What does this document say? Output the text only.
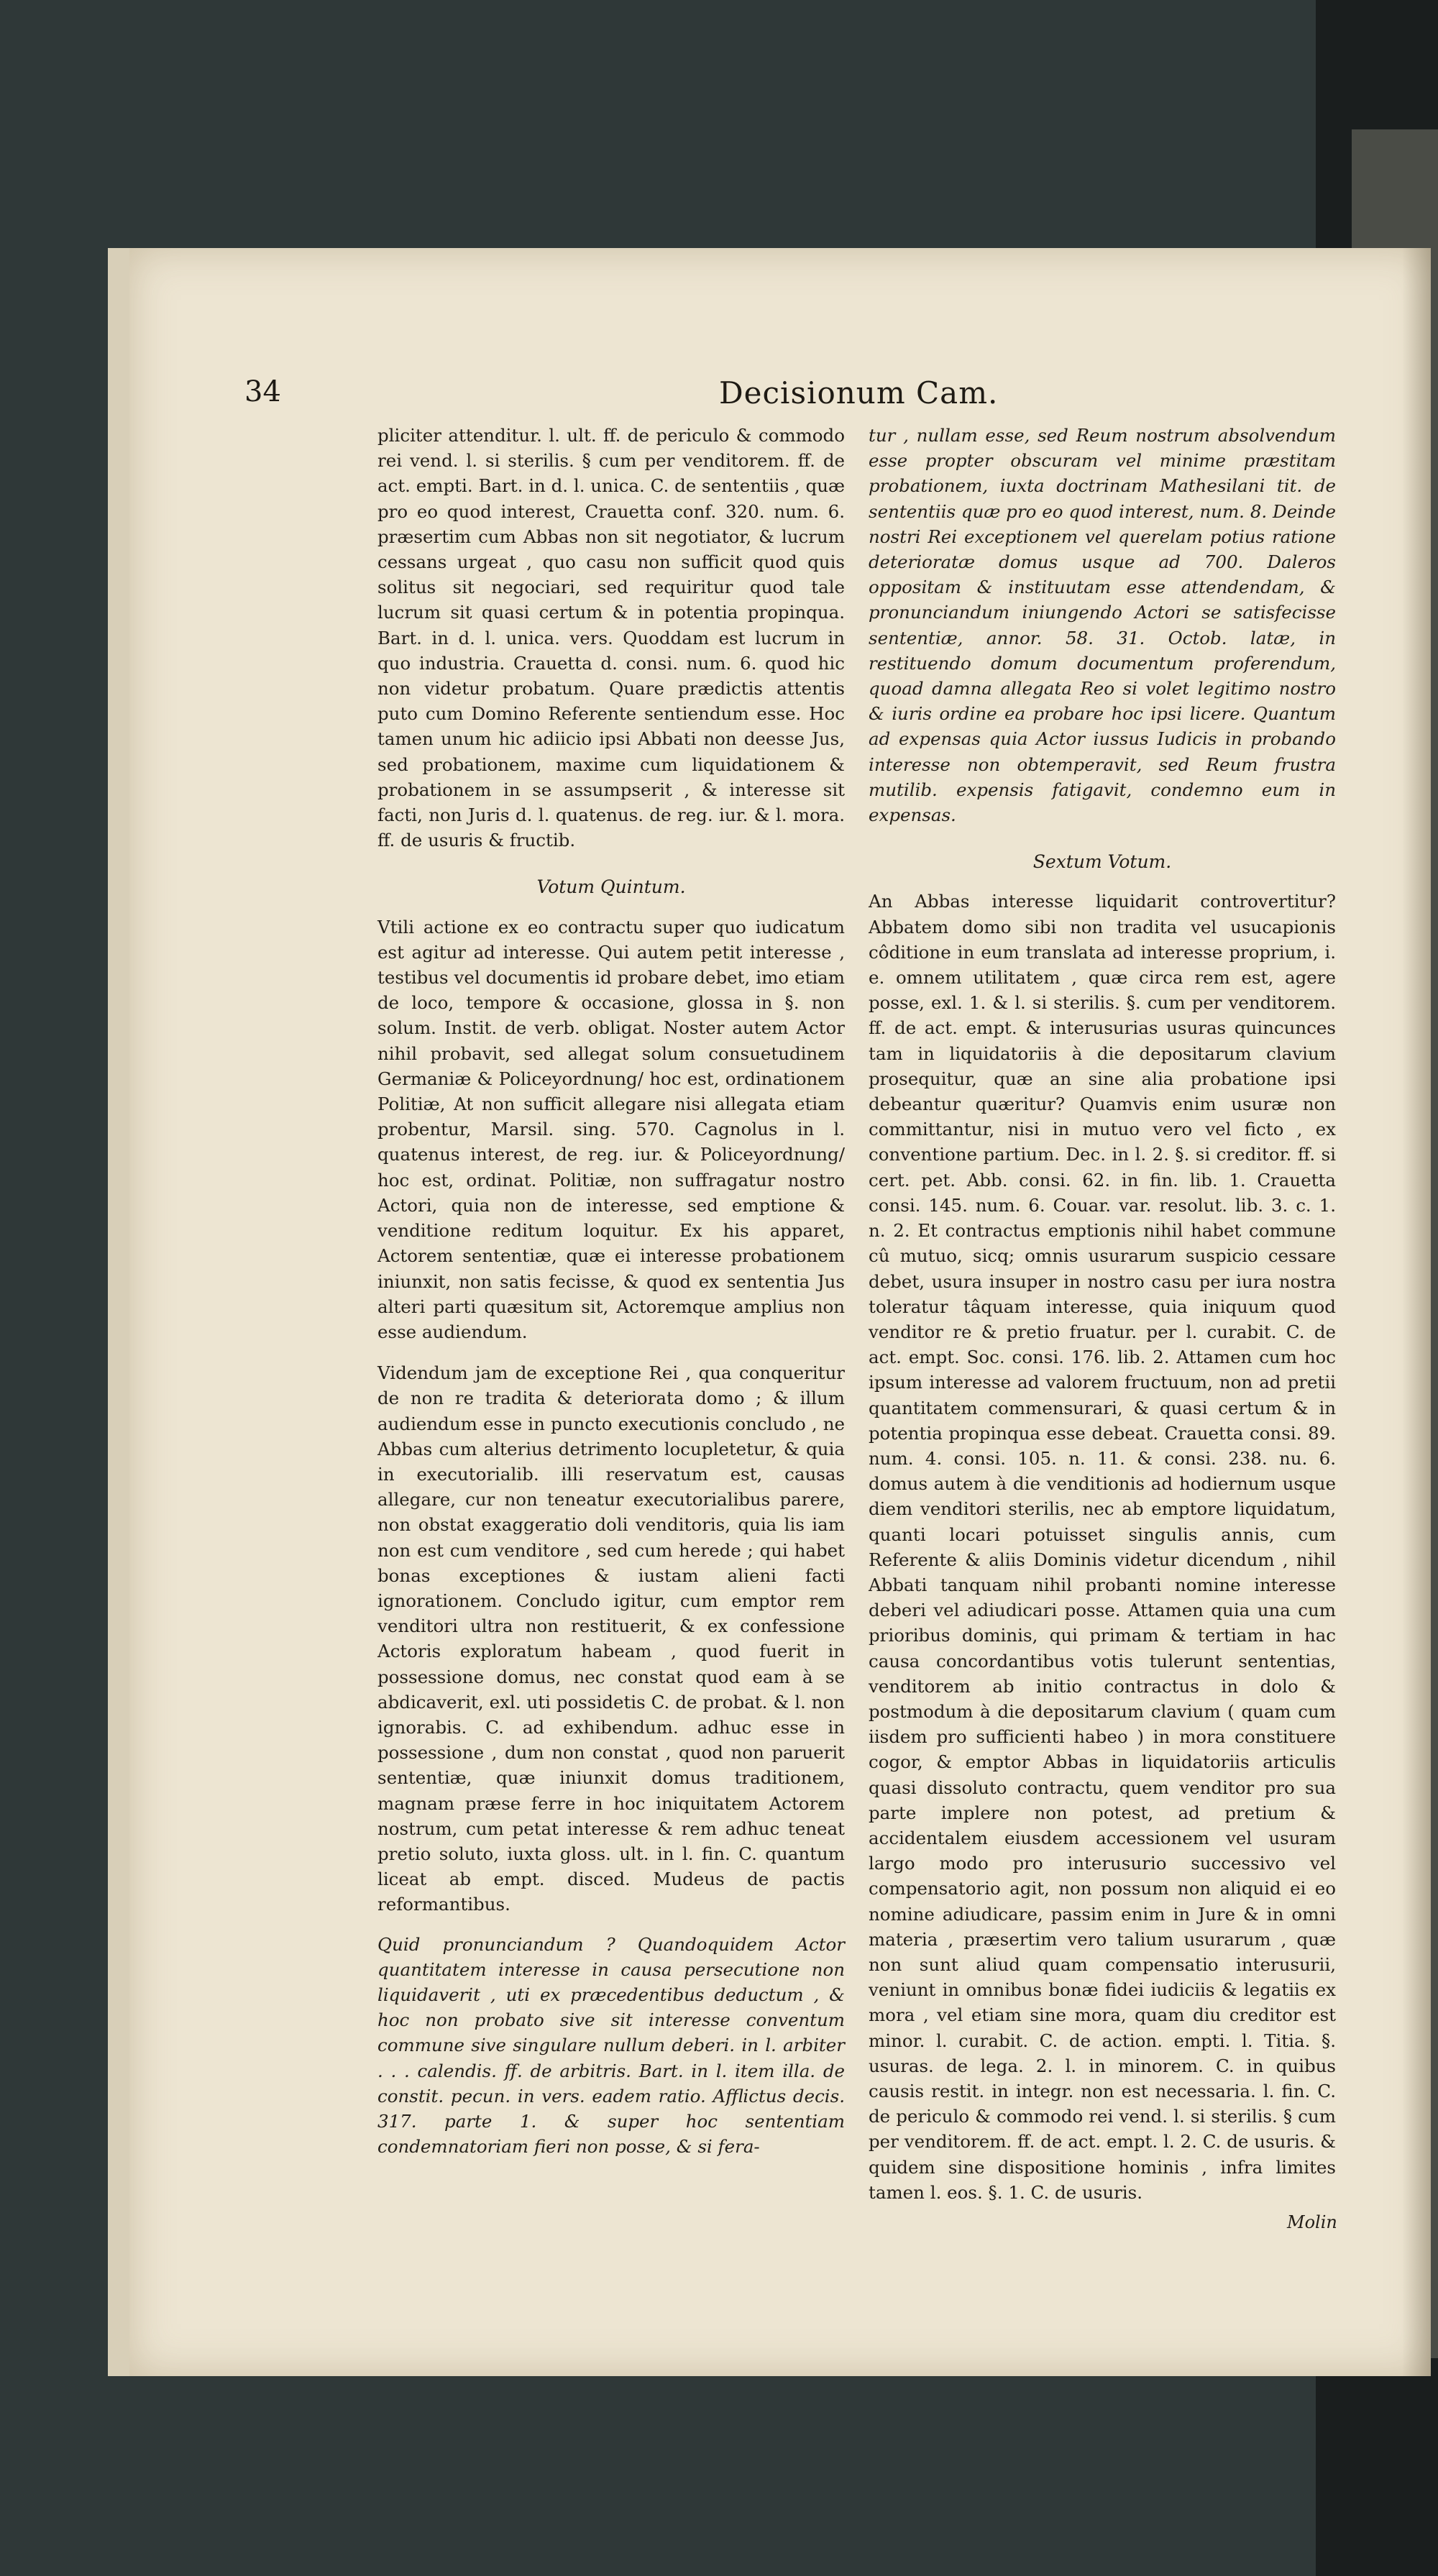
34	Decisionum Cam.

pliciter attenditur. l. ult. ff. de periculo & commodo rei vend. l. si sterilis. § cum per venditorem. ff. de act. empti. Bart. in d. l. unica. C. de sententiis , quæ pro eo quod interest, Crauetta conf. 320. num. 6. præsertim cum Abbas non sit negotiator, & lucrum cessans urgeat , quo casu non sufficit quod quis solitus sit negociari, sed requiritur quod tale lucrum sit quasi certum & in potentia propinqua. Bart. in d. l. unica. vers. Quoddam est lucrum in quo industria. Crauetta d. consi. num. 6. quod hic non videtur probatum. Quare prædictis attentis puto cum Domino Referente sentiendum esse. Hoc tamen unum hic adiicio ipsi Abbati non deesse Jus, sed probationem, maxime cum liquidationem & probationem in se assumpserit , & interesse sit facti, non Juris d. l. quatenus. de reg. iur. & l. mora. ff. de usuris & fructib.

Votum Quintum.

Vtili actione ex eo contractu super quo iudicatum est agitur ad interesse. Qui autem petit interesse , testibus vel documentis id probare debet, imo etiam de loco, tempore & occasione, glossa in §. non solum. Instit. de verb. obligat. Noster autem Actor nihil probavit, sed allegat solum consuetudinem Germaniæ & Policeyordnung/ hoc est, ordinationem Politiæ, At non sufficit allegare nisi allegata etiam probentur, Marsil. sing. 570. Cagnolus in l. quatenus interest, de reg. iur. & Policeyordnung/ hoc est, ordinat. Politiæ, non suffragatur nostro Actori, quia non de interesse, sed emptione & venditione reditum loquitur. Ex his apparet, Actorem sententiæ, quæ ei interesse probationem iniunxit, non satis fecisse, & quod ex sententia Jus alteri parti quæsitum sit, Actoremque amplius non esse audiendum.

Videndum jam de exceptione Rei , qua conqueritur de non re tradita & deteriorata domo ; & illum audiendum esse in puncto executionis concludo , ne Abbas cum alterius detrimento locupletetur, & quia in executorialib. illi reservatum est, causas allegare, cur non teneatur executorialibus parere, non obstat exaggeratio doli venditoris, quia lis iam non est cum venditore , sed cum herede ; qui habet bonas exceptiones & iustam alieni facti ignorationem. Concludo igitur, cum emptor rem venditori ultra non restituerit, & ex confessione Actoris exploratum habeam , quod fuerit in possessione domus, nec constat quod eam à se abdicaverit, exl. uti possidetis C. de probat. & l. non ignorabis. C. ad exhibendum. adhuc esse in possessione , dum non constat , quod non paruerit sententiæ, quæ iniunxit domus traditionem, magnam præse ferre in hoc iniquitatem Actorem nostrum, cum petat interesse & rem adhuc teneat pretio soluto, iuxta gloss. ult. in l. fin. C. quantum liceat ab empt. disced. Mudeus de pactis reformantibus.

Quid pronunciandum ? Quandoquidem Actor quantitatem interesse in causa persecutione non liquidaverit , uti ex præcedentibus deductum , & hoc non probato sive sit interesse conventum commune sive singulare nullum deberi. in l. arbiter . . . calendis. ff. de arbitris. Bart. in l. item illa. de constit. pecun. in vers. eadem ratio. Afflictus decis. 317. parte 1. & super hoc sententiam condemnatoriam fieri non posse, & si fera-

tur , nullam esse, sed Reum nostrum absolvendum esse propter obscuram vel minime præstitam probationem, iuxta doctrinam Mathesilani tit. de sententiis quæ pro eo quod interest, num. 8. Deinde nostri Rei exceptionem vel querelam potius ratione deterioratæ domus usque ad 700. Daleros oppositam & instituutam esse attendendam, & pronunciandum iniungendo Actori se satisfecisse sententiæ, annor. 58. 31. Octob. latæ, in restituendo domum documentum proferendum, quoad damna allegata Reo si volet legitimo nostro & iuris ordine ea probare hoc ipsi licere. Quantum ad expensas quia Actor iussus Iudicis in probando interesse non obtemperavit, sed Reum frustra mutilib. expensis fatigavit, condemno eum in expensas.

Sextum Votum.

An Abbas interesse liquidarit controvertitur? Abbatem domo sibi non tradita vel usucapionis côditione in eum translata ad interesse proprium, i. e. omnem utilitatem , quæ circa rem est, agere posse, exl. 1. & l. si sterilis. §. cum per venditorem. ff. de act. empt. & interusurias usuras quincunces tam in liquidatoriis à die depositarum clavium prosequitur, quæ an sine alia probatione ipsi debeantur quæritur? Quamvis enim usuræ non committantur, nisi in mutuo vero vel ficto , ex conventione partium. Dec. in l. 2. §. si creditor. ff. si cert. pet. Abb. consi. 62. in fin. lib. 1. Crauetta consi. 145. num. 6. Couar. var. resolut. lib. 3. c. 1. n. 2. Et contractus emptionis nihil habet commune cû mutuo, sicq; omnis usurarum suspicio cessare debet, usura insuper in nostro casu per iura nostra toleratur tâquam interesse, quia iniquum quod venditor re & pretio fruatur. per l. curabit. C. de act. empt. Soc. consi. 176. lib. 2. Attamen cum hoc ipsum interesse ad valorem fructuum, non ad pretii quantitatem commensurari, & quasi certum & in potentia propinqua esse debeat. Crauetta consi. 89. num. 4. consi. 105. n. 11. & consi. 238. nu. 6. domus autem à die venditionis ad hodiernum usque diem venditori sterilis, nec ab emptore liquidatum, quanti locari potuisset singulis annis, cum Referente & aliis Dominis videtur dicendum , nihil Abbati tanquam nihil probanti nomine interesse deberi vel adiudicari posse. Attamen quia una cum prioribus dominis, qui primam & tertiam in hac causa concordantibus votis tulerunt sententias, venditorem ab initio contractus in dolo & postmodum à die depositarum clavium ( quam cum iisdem pro sufficienti habeo ) in mora constituere cogor, & emptor Abbas in liquidatoriis articulis quasi dissoluto contractu, quem venditor pro sua parte implere non potest, ad pretium & accidentalem eiusdem accessionem vel usuram largo modo pro interusurio successivo vel compensatorio agit, non possum non aliquid ei eo nomine adiudicare, passim enim in Jure & in omni materia , præsertim vero talium usurarum , quæ non sunt aliud quam compensatio interusurii, veniunt in omnibus bonæ fidei iudiciis & legatiis ex mora , vel etiam sine mora, quam diu creditor est minor. l. curabit. C. de action. empti. l. Titia. §. usuras. de lega. 2. l. in minorem. C. in quibus causis restit. in integr. non est necessaria. l. fin. C. de periculo & commodo rei vend. l. si sterilis. § cum per venditorem. ff. de act. empt. l. 2. C. de usuris. & quidem sine dispositione hominis , infra limites tamen l. eos. §. 1. C. de usuris.

Molin
